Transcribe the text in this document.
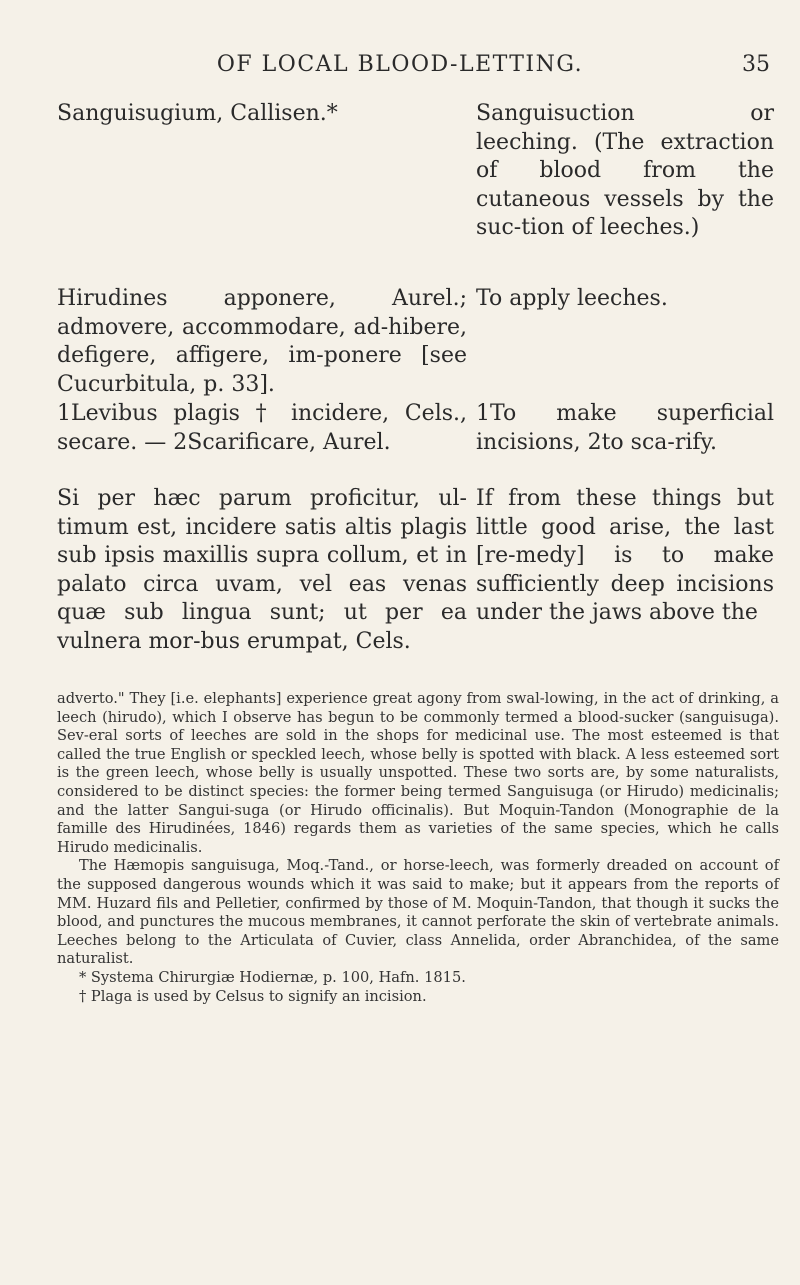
OF LOCAL BLOOD-LETTING.	35

Sanguisugium, Callisen.*

Hirudines apponere, Aurel.; admovere, accommodare, ad-hibere, defigere, affigere, im-ponere [see Cucurbitula, p. 33].

1Levibus plagis † incidere, Cels., secare. — 2Scarificare, Aurel.

Si per hæc parum proficitur, ul-timum est, incidere satis altis plagis sub ipsis maxillis supra collum, et in palato circa uvam, vel eas venas quæ sub lingua sunt; ut per ea vulnera mor-bus erumpat, Cels.

Sanguisuction or leeching. (The extraction of blood from the cutaneous vessels by the suc-tion of leeches.)

To apply leeches.

1To make superficial incisions, 2to sca-rify.

If from these things but little good arise, the last [re-medy] is to make sufficiently deep incisions under the jaws above the

adverto." They [i.e. elephants] experience great agony from swal-lowing, in the act of drinking, a leech (hirudo), which I observe has begun to be commonly termed a blood-sucker (sanguisuga). Sev-eral sorts of leeches are sold in the shops for medicinal use. The most esteemed is that called the true English or speckled leech, whose belly is spotted with black. A less esteemed sort is the green leech, whose belly is usually unspotted. These two sorts are, by some naturalists, considered to be distinct species: the former being termed Sanguisuga (or Hirudo) medicinalis; and the latter Sangui-suga (or Hirudo officinalis). But Moquin-Tandon (Monographie de la famille des Hirudinées, 1846) regards them as varieties of the same species, which he calls Hirudo medicinalis.

The Hæmopis sanguisuga, Moq.-Tand., or horse-leech, was formerly dreaded on account of the supposed dangerous wounds which it was said to make; but it appears from the reports of MM. Huzard fils and Pelletier, confirmed by those of M. Moquin-Tandon, that though it sucks the blood, and punctures the mucous membranes, it cannot perforate the skin of vertebrate animals. Leeches belong to the Articulata of Cuvier, class Annelida, order Abranchidea, of the same naturalist.

* Systema Chirurgiæ Hodiernæ, p. 100, Hafn. 1815.

† Plaga is used by Celsus to signify an incision.
